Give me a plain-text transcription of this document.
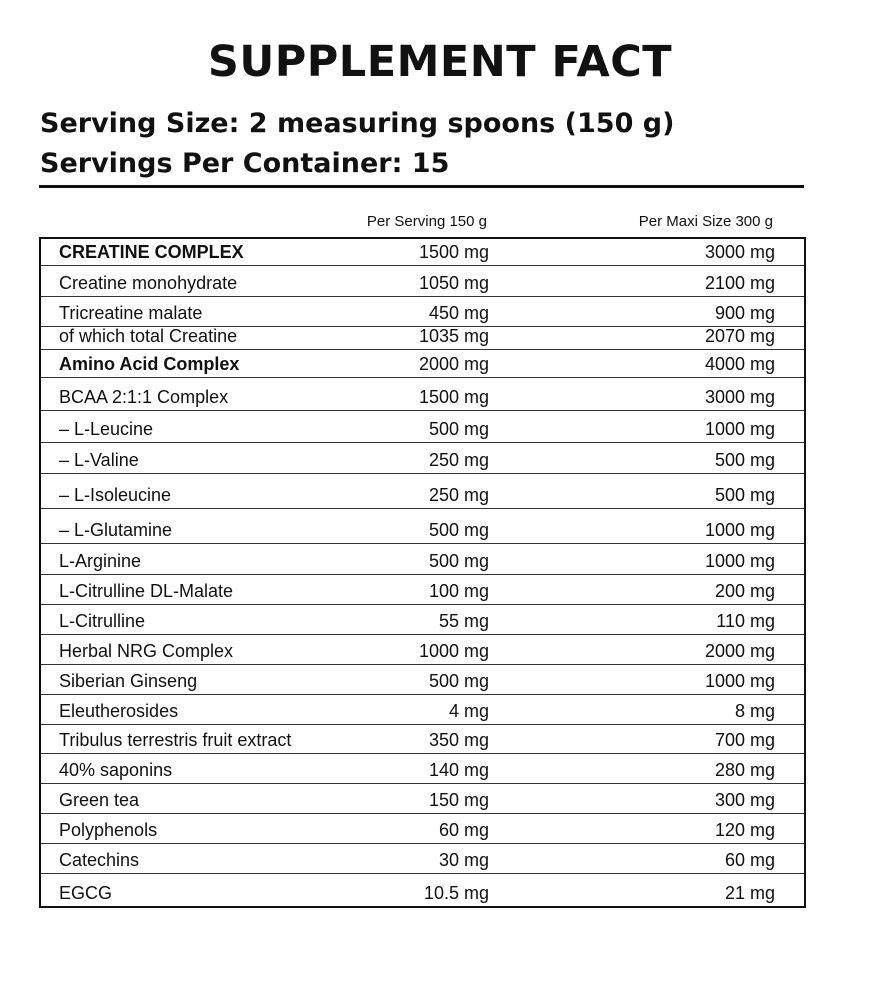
SUPPLEMENT FACT
Serving Size: 2 measuring spoons (150 g)
Servings Per Container: 15
Per Serving 150 g	Per Maxi Size 300 g
CREATINE COMPLEX	1500 mg	3000 mg
Creatine monohydrate	1050 mg	2100 mg
Tricreatine malate	450 mg	900 mg
of which total Creatine	1035 mg	2070 mg
Amino Acid Complex	2000 mg	4000 mg
BCAA 2:1:1 Complex	1500 mg	3000 mg
– L-Leucine	500 mg	1000 mg
– L-Valine	250 mg	500 mg
– L-Isoleucine	250 mg	500 mg
– L-Glutamine	500 mg	1000 mg
L-Arginine	500 mg	1000 mg
L-Citrulline DL-Malate	100 mg	200 mg
L-Citrulline	55 mg	110 mg
Herbal NRG Complex	1000 mg	2000 mg
Siberian Ginseng	500 mg	1000 mg
Eleutherosides	4 mg	8 mg
Tribulus terrestris fruit extract	350 mg	700 mg
40% saponins	140 mg	280 mg
Green tea	150 mg	300 mg
Polyphenols	60 mg	120 mg
Catechins	30 mg	60 mg
EGCG	10.5 mg	21 mg
